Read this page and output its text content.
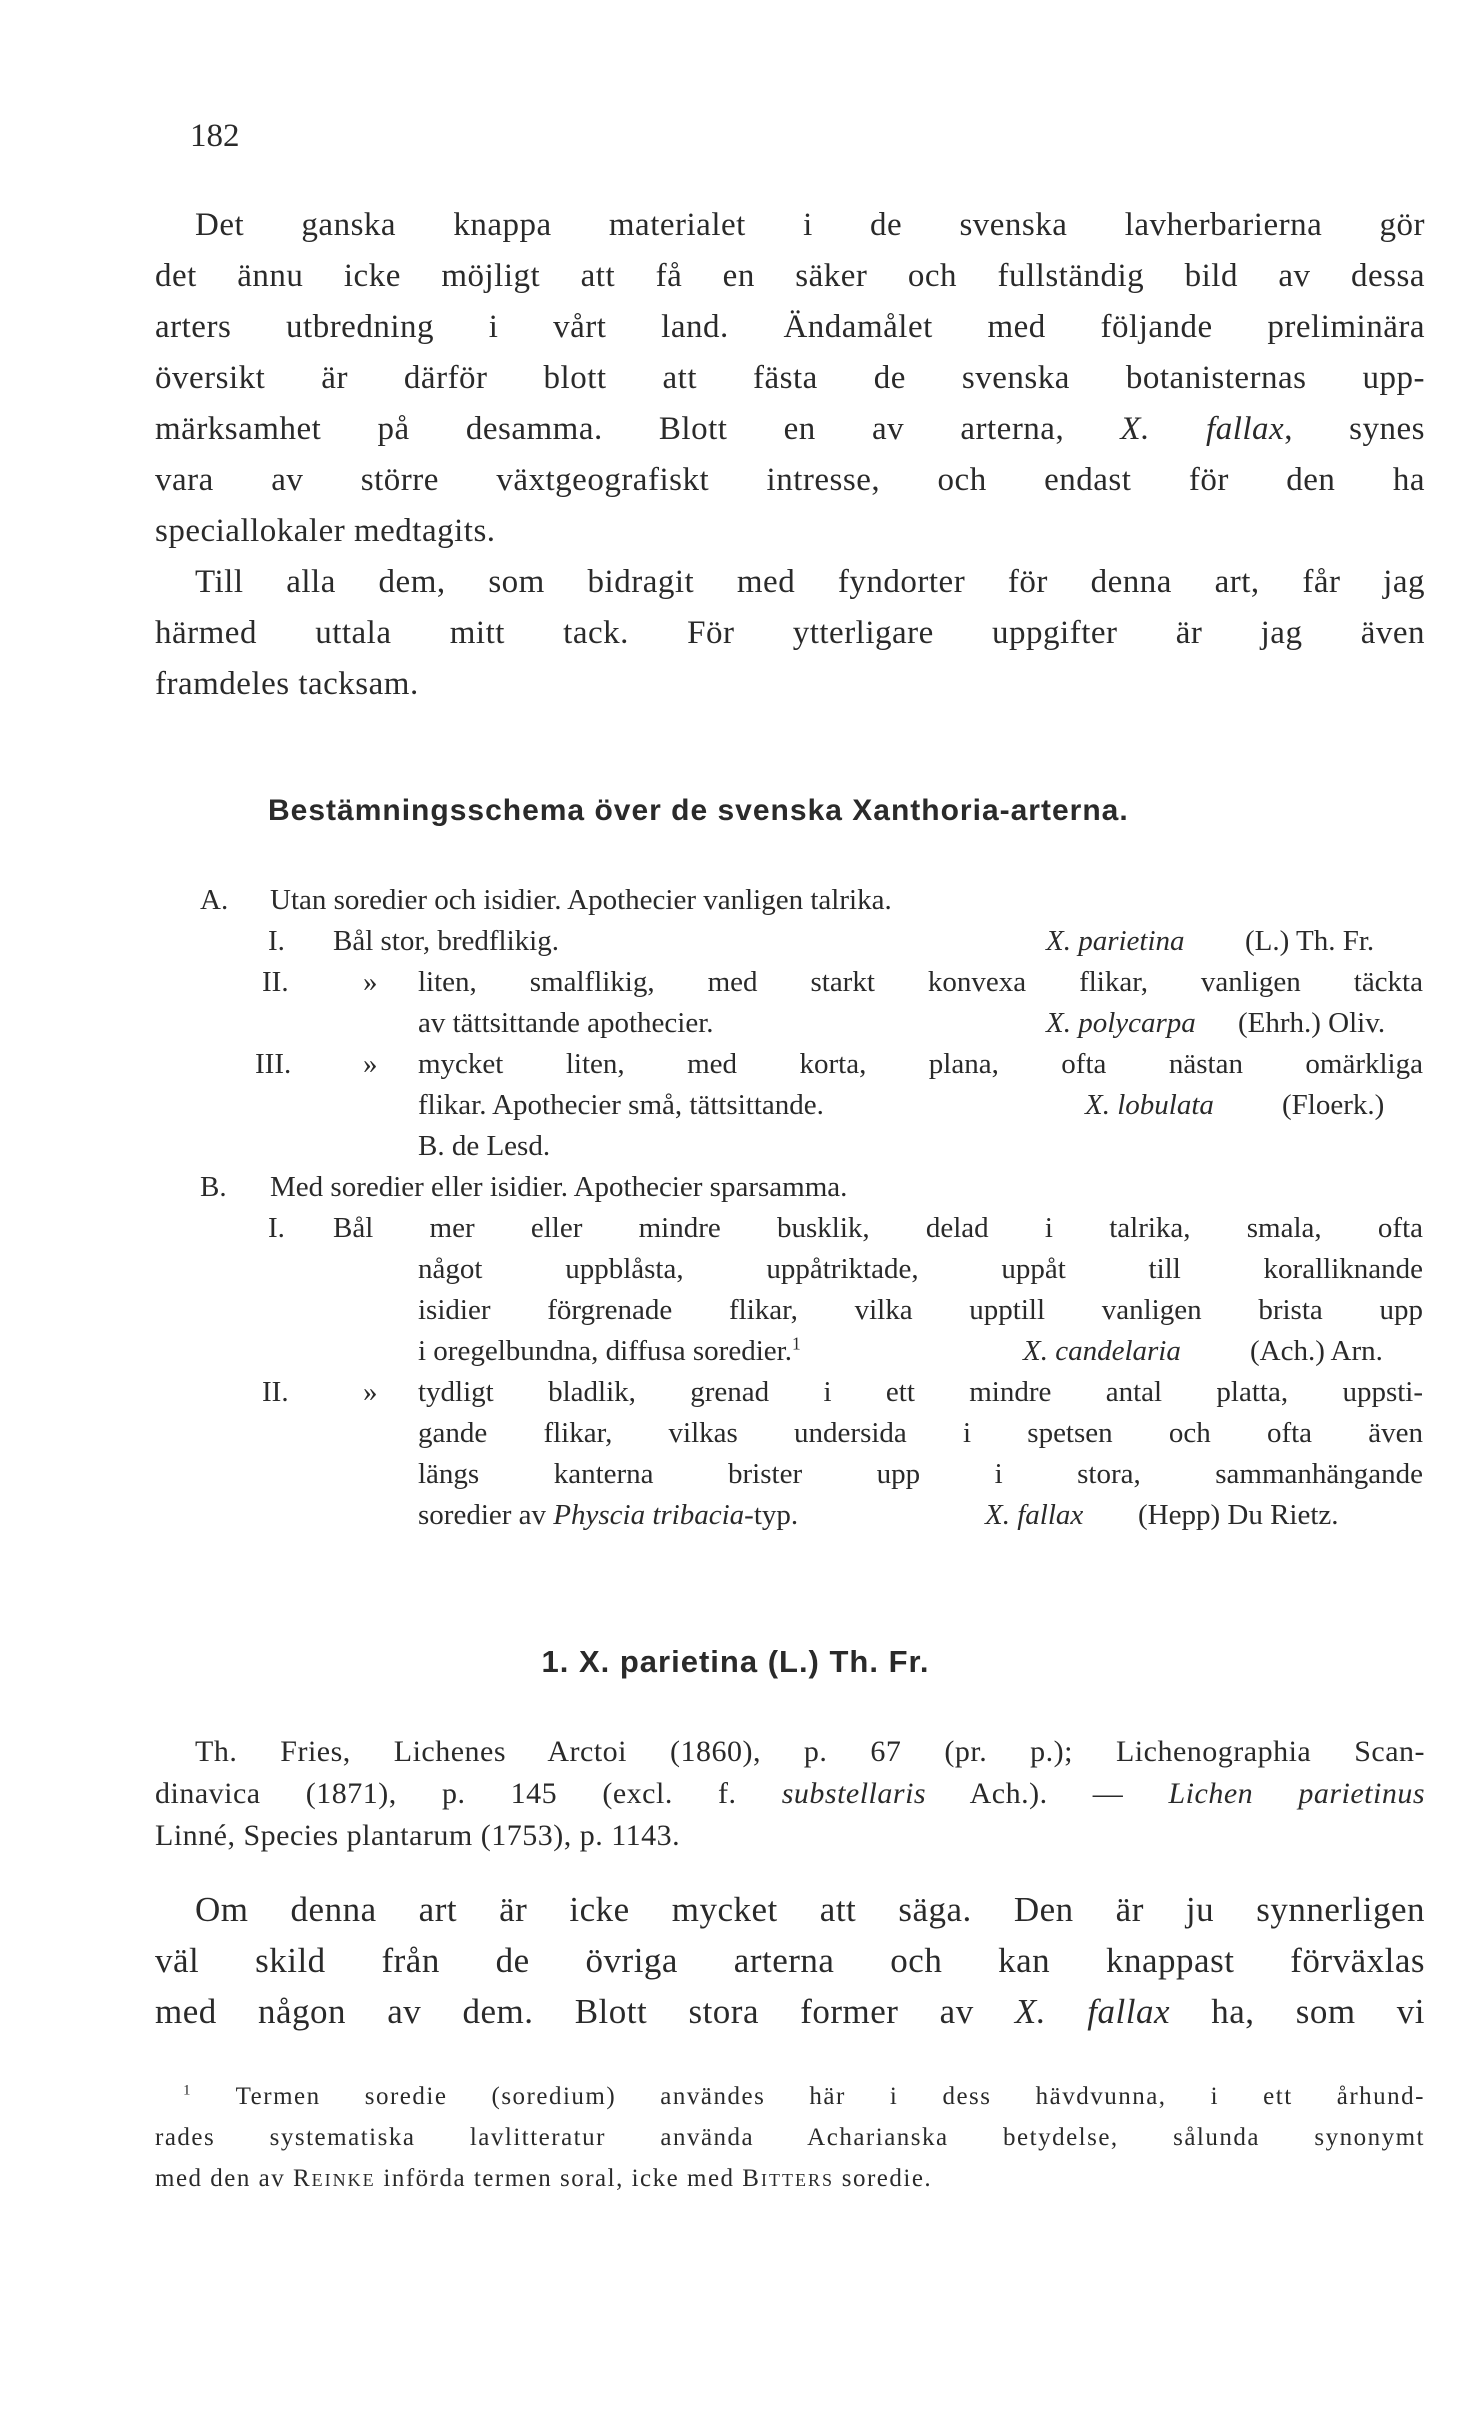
182
Det ganska knappa materialet i de svenska lavherbarierna gör
det ännu icke möjligt att få en säker och fullständig bild av dessa
arters utbredning i vårt land. Ändamålet med följande preliminära
översikt är därför blott att fästa de svenska botanisternas upp-
märksamhet på desamma. Blott en av arterna, X. fallax, synes
vara av större växtgeografiskt intresse, och endast för den ha
speciallokaler medtagits.
Till alla dem, som bidragit med fyndorter för denna art, får jag
härmed uttala mitt tack. För ytterligare uppgifter är jag även
framdeles tacksam.
Bestämningsschema över de svenska Xanthoria-arterna.
A. Utan soredier och isidier. Apothecier vanligen talrika.
I. Bål stor, bredflikig.	X. parietina (L.) Th. Fr.
II.	» liten, smalflikig, med starkt konvexa flikar, vanligen täckta
av tättsittande apothecier.	X. polycarpa (Ehrh.) Oliv.
III. » mycket liten, med korta, plana, ofta nästan omärkliga
flikar. Apothecier små, tättsittande.	X. lobulata (Floerk.)
B. de Lesd.
B. Med soredier eller isidier. Apothecier sparsamma.
I. Bål mer eller mindre busklik, delad i talrika, smala, ofta
något uppblåsta, uppåtriktade, uppåt till koralliknande
isidier förgrenade flikar, vilka upptill vanligen brista upp
i oregelbundna, diffusa soredier.$^1$	X. candelaria (Ach.) Arn.
II.	» tydligt bladlik, grenad i ett mindre antal platta, uppsti-
gande flikar, vilkas undersida i spetsen och ofta även
längs kanterna brister upp i stora, sammanhängande
soredier av Physcia tribacia-typ.	X. fallax (Hepp) Du Rietz.
1. X. parietina (L.) Th. Fr.
Th. Fries, Lichenes Arctoi (1860), p. 67 (pr. p.); Lichenographia Scan-
dinavica (1871), p. 145 (excl. f. substellaris Ach.). — Lichen parietinus
Linné, Species plantarum (1753), p. 1143.
Om denna art är icke mycket att säga. Den är ju synnerligen
väl skild från de övriga arterna och kan knappast förväxlas
med någon av dem. Blott stora former av X. fallax ha, som vi
$^1$ Termen soredie (soredium) användes här i dess hävdvunna, i ett århund-
rades systematiska lavlitteratur använda Acharianska betydelse, sålunda synonymt
med den av Reinke införda termen soral, icke med Bitters soredie.
